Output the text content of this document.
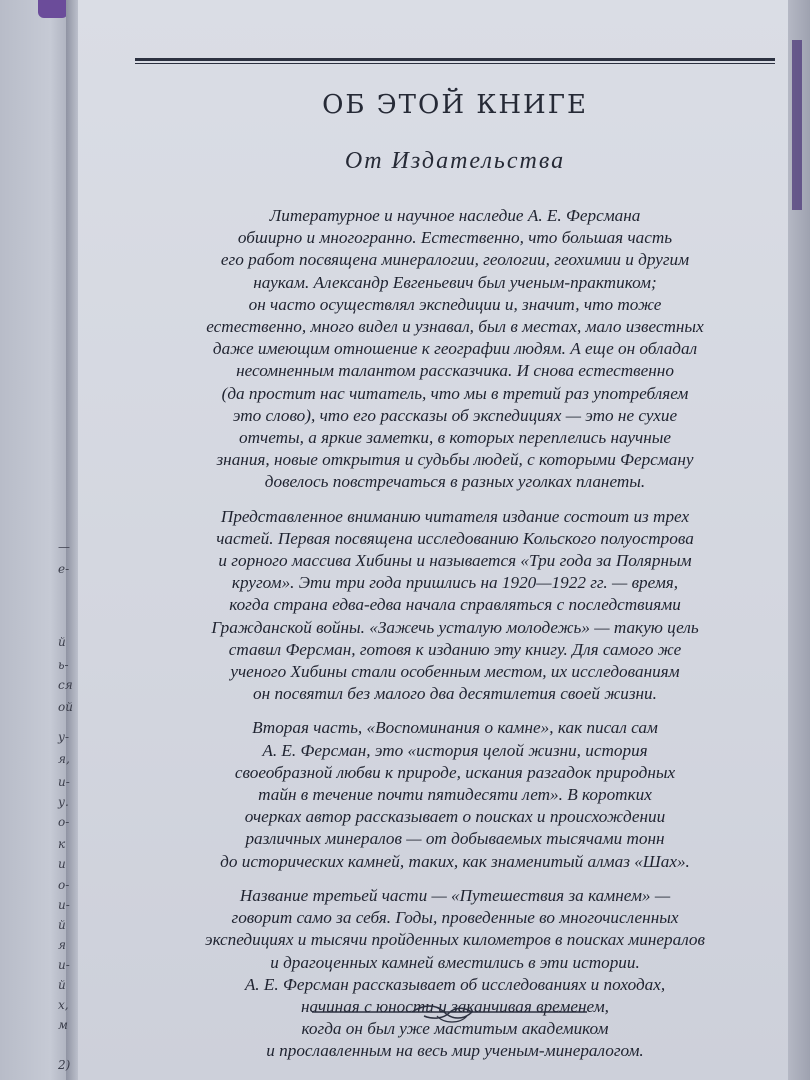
—
е-
й
ь-
ся
ой
у-
я,
и-
у.
о-
к
и
о-
и-
й
я
и-
й
х,
м
2)
ОБ ЭТОЙ КНИГЕ
От Издательства
Литературное и научное наследие А. Е. Ферсмана
обширно и многогранно. Естественно, что большая часть
его работ посвящена минералогии, геологии, геохимии и другим
наукам. Александр Евгеньевич был ученым-практиком;
он часто осуществлял экспедиции и, значит, что тоже
естественно, много видел и узнавал, был в местах, мало известных
даже имеющим отношение к географии людям. А еще он обладал
несомненным талантом рассказчика. И снова естественно
(да простит нас читатель, что мы в третий раз употребляем
это слово), что его рассказы об экспедициях — это не сухие
отчеты, а яркие заметки, в которых переплелись научные
знания, новые открытия и судьбы людей, с которыми Ферсману
довелось повстречаться в разных уголках планеты.
Представленное вниманию читателя издание состоит из трех
частей. Первая посвящена исследованию Кольского полуострова
и горного массива Хибины и называется «Три года за Полярным
кругом». Эти три года пришлись на 1920—1922 гг. — время,
когда страна едва-едва начала справляться с последствиями
Гражданской войны. «Зажечь усталую молодежь» — такую цель
ставил Ферсман, готовя к изданию эту книгу. Для самого же
ученого Хибины стали особенным местом, их исследованиям
он посвятил без малого два десятилетия своей жизни.
Вторая часть, «Воспоминания о камне», как писал сам
А. Е. Ферсман, это «история целой жизни, история
своеобразной любви к природе, искания разгадок природных
тайн в течение почти пятидесяти лет». В коротких
очерках автор рассказывает о поисках и происхождении
различных минералов — от добываемых тысячами тонн
до исторических камней, таких, как знаменитый алмаз «Шах».
Название третьей части — «Путешествия за камнем» —
говорит само за себя. Годы, проведенные во многочисленных
экспедициях и тысячи пройденных километров в поисках минералов
и драгоценных камней вместились в эти истории.
А. Е. Ферсман рассказывает об исследованиях и походах,
начиная с юности и заканчивая временем,
когда он был уже маститым академиком
и прославленным на весь мир ученым-минералогом.
